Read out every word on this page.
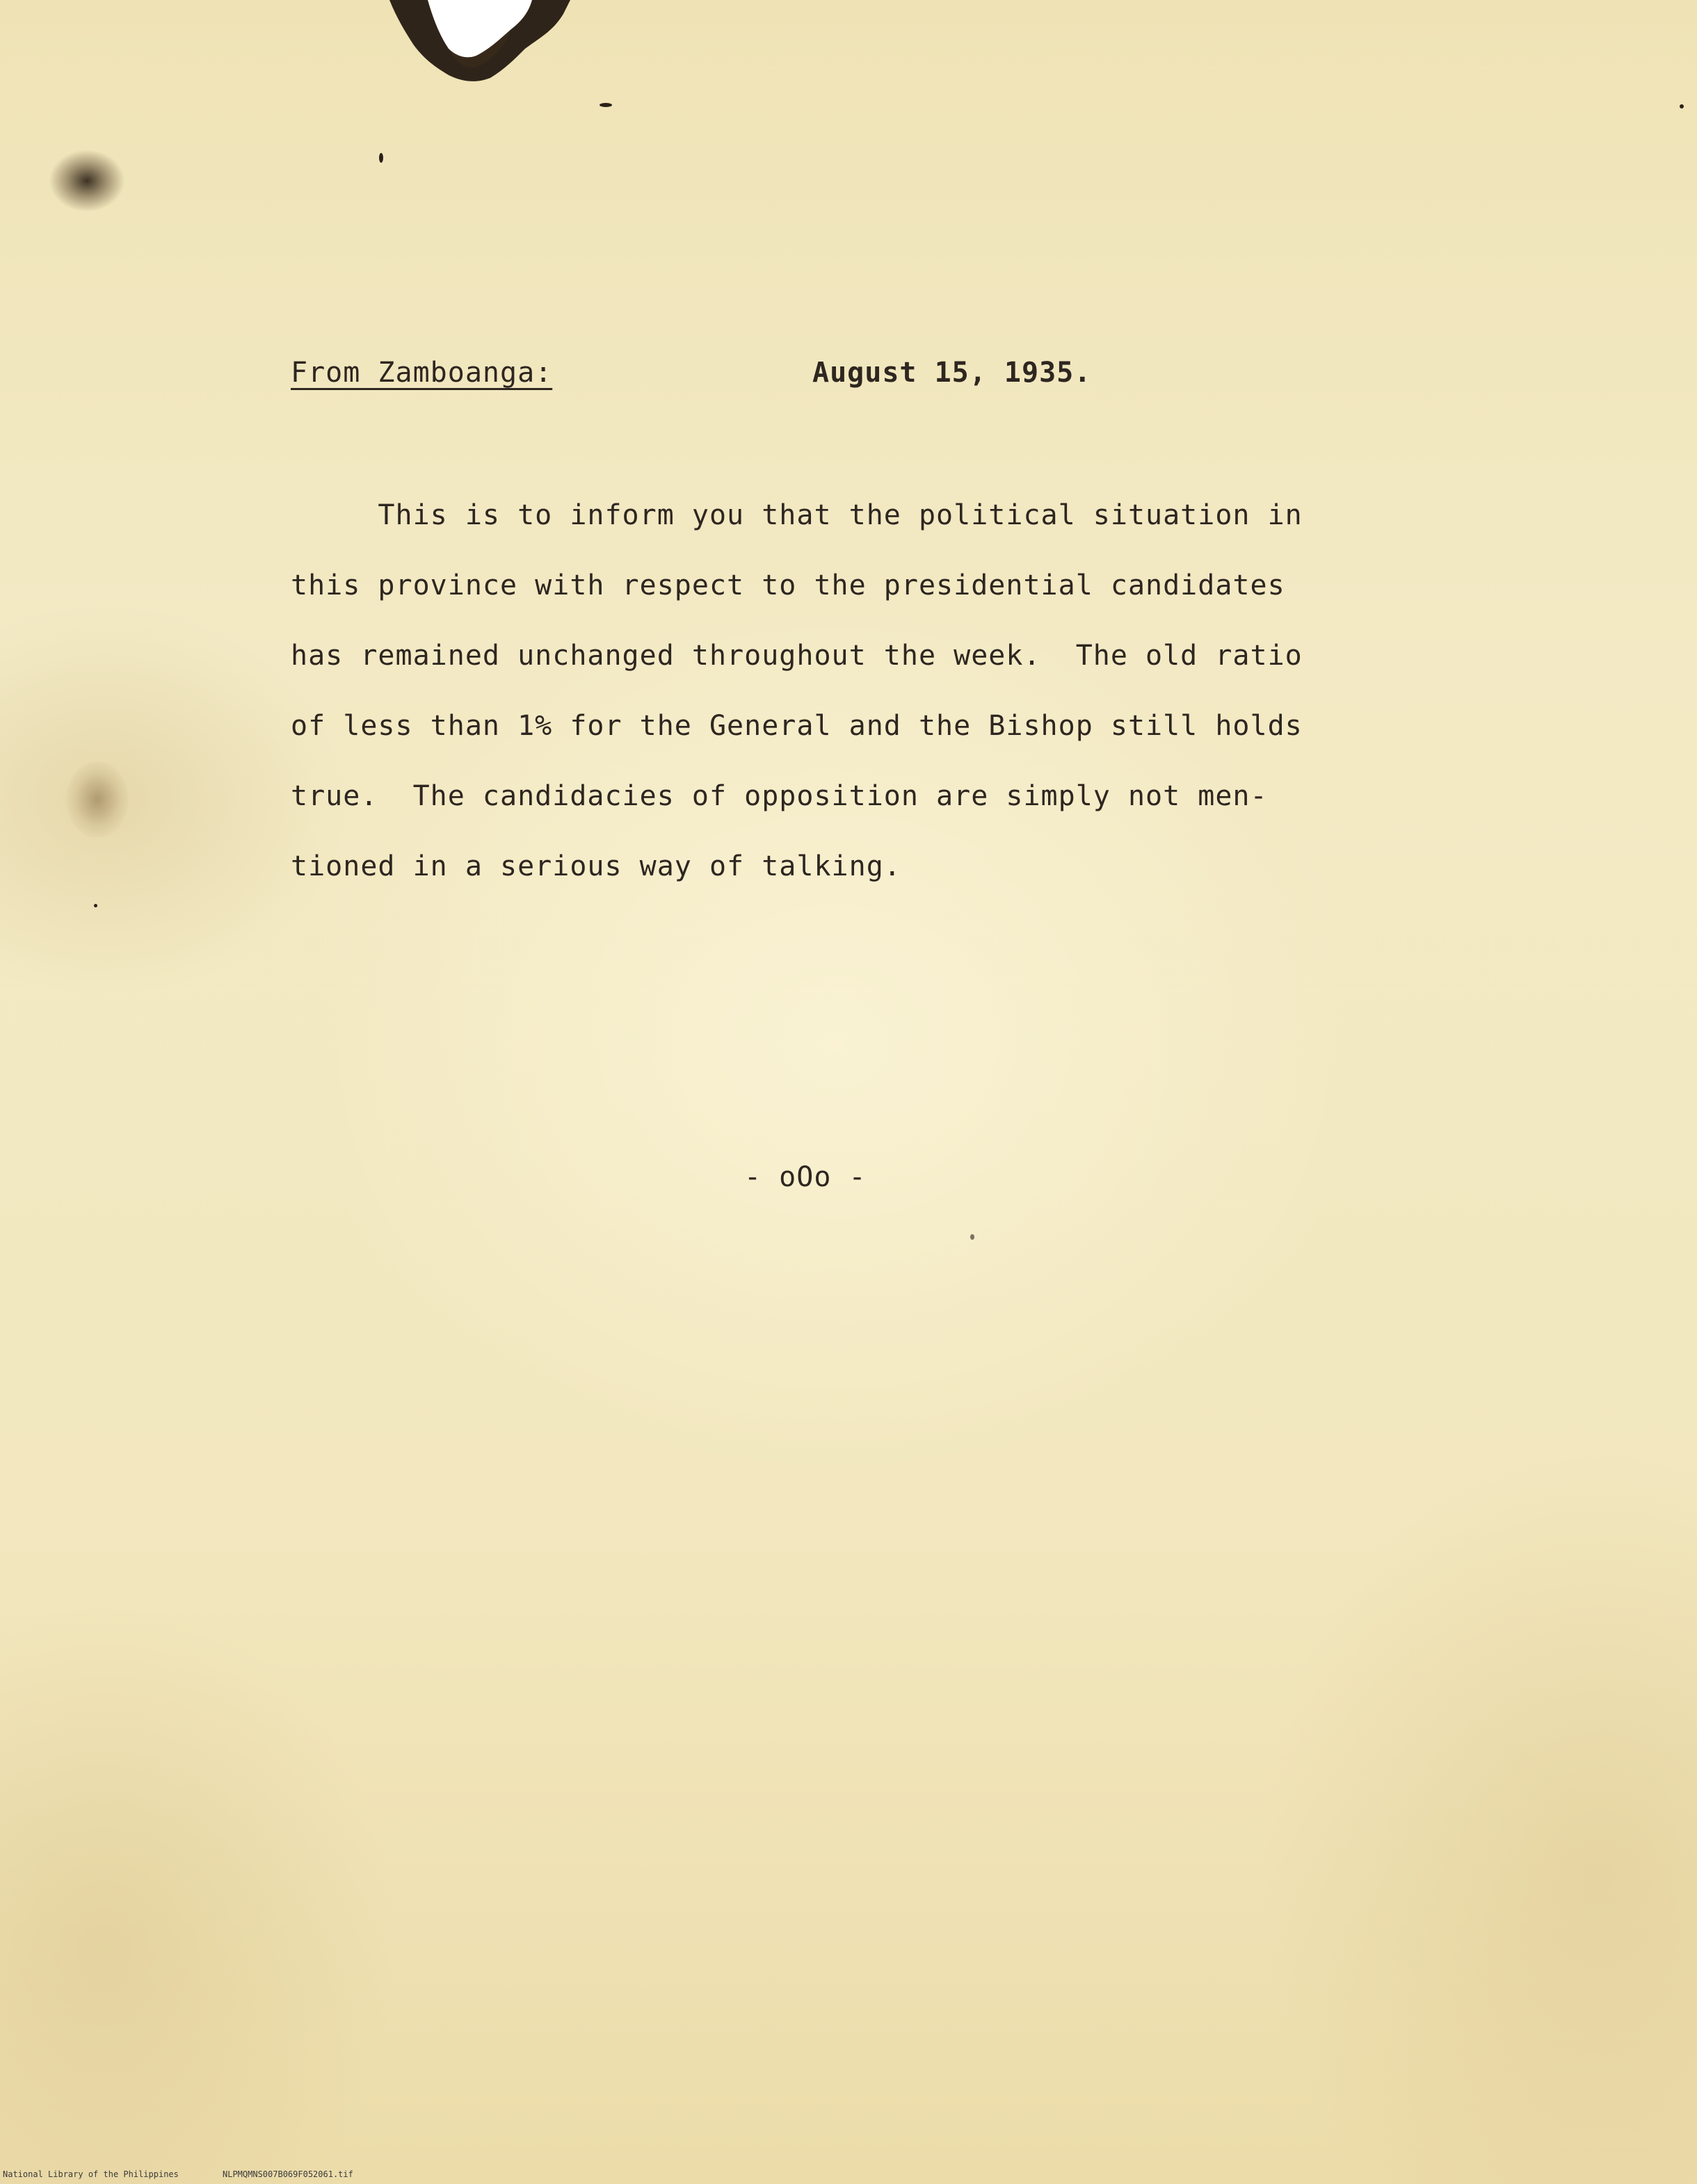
From Zamboanga:	August 15, 1935.
This is to inform you that the political situation in
this province with respect to the presidential candidates
has remained unchanged throughout the week.  The old ratio
of less than 1% for the General and the Bishop still holds
true.  The candidacies of opposition are simply not men-
tioned in a serious way of talking.
- oOo -
National Library of the Philippines	NLPMQMNS007B069F052061.tif
